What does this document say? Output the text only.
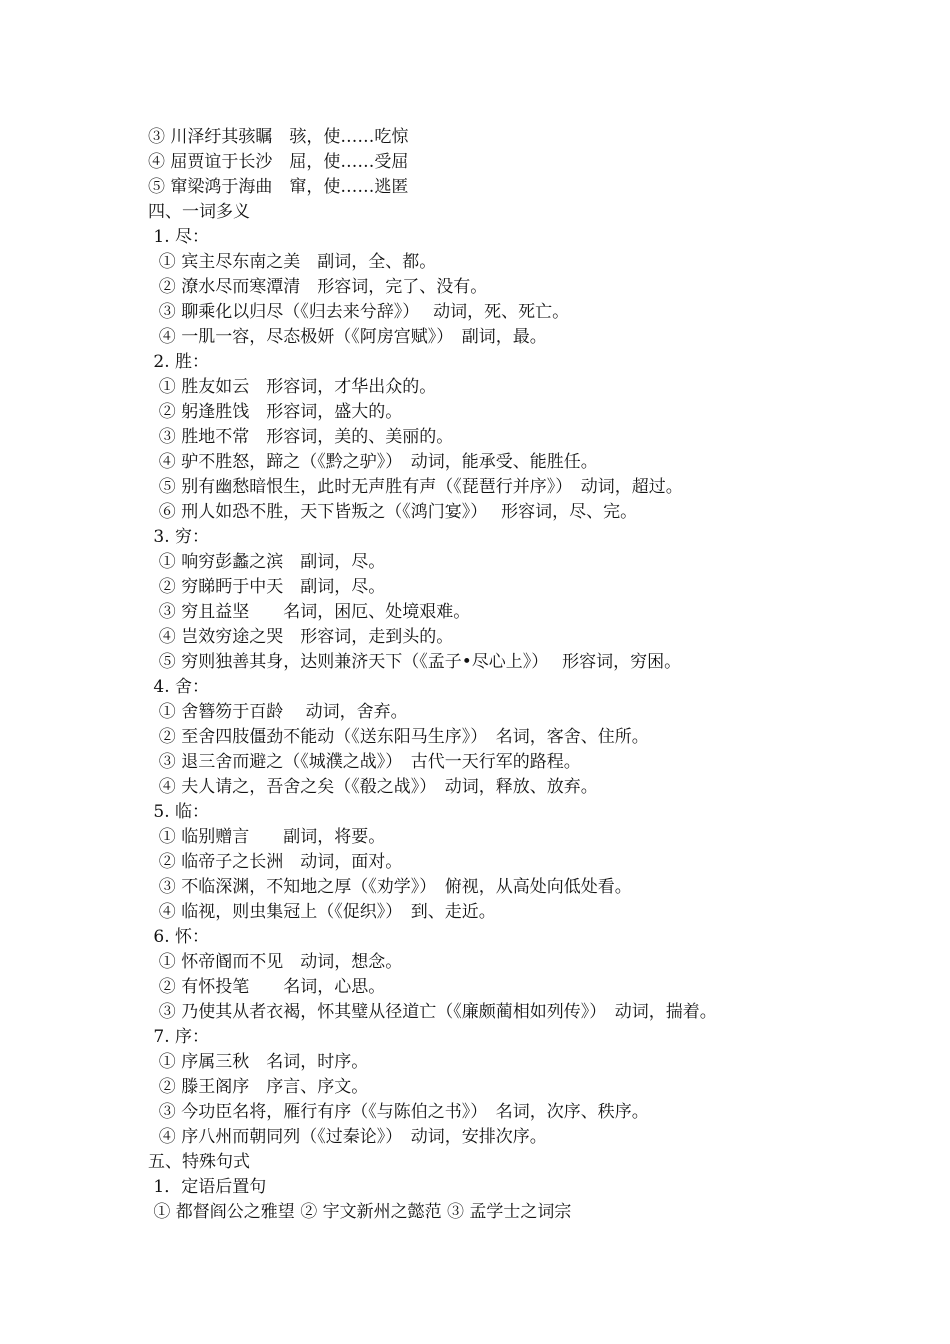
③ 川泽纡其骇瞩　骇，使……吃惊
④ 屈贾谊于长沙　屈，使……受屈
⑤ 窜梁鸿于海曲　窜，使……逃匿
四、一词多义
1. 尽：
① 宾主尽东南之美　副词，全、都。
② 潦水尽而寒潭清　形容词，完了、没有。
③ 聊乘化以归尽（《归去来兮辞》）　 动词，死、死亡。
④ 一肌一容，尽态极妍（《阿房宫赋》）　副词，最。
2. 胜：
① 胜友如云　形容词，才华出众的。
② 躬逢胜饯　形容词，盛大的。
③ 胜地不常　形容词，美的、美丽的。
④ 驴不胜怒，蹄之（《黔之驴》）　动词，能承受、能胜任。
⑤ 别有幽愁暗恨生，此时无声胜有声（《琵琶行并序》）　动词，超过。
⑥ 刑人如恐不胜，天下皆叛之（《鸿门宴》）　 形容词，尽、完。
3. 穷：
① 响穷彭蠡之滨　副词，尽。
② 穷睇眄于中天　副词，尽。
③ 穷且益坚　　名词，困厄、处境艰难。
④ 岂效穷途之哭　形容词，走到头的。
⑤ 穷则独善其身，达则兼济天下（《孟子•尽心上》）　 形容词，穷困。
4. 舍：
① 舍簪笏于百龄　 动词，舍弃。
② 至舍四肢僵劲不能动（《送东阳马生序》）　名词，客舍、住所。
③ 退三舍而避之（《城濮之战》）　古代一天行军的路程。
④ 夫人请之，吾舍之矣（《殽之战》）　动词，释放、放弃。
5. 临：
① 临别赠言　　副词，将要。
② 临帝子之长洲　动词，面对。
③ 不临深渊，不知地之厚（《劝学》）　俯视，从高处向低处看。
④ 临视，则虫集冠上（《促织》）　到、走近。
6. 怀：
① 怀帝阍而不见　动词，想念。
② 有怀投笔　　名词，心思。
③ 乃使其从者衣褐，怀其璧从径道亡（《廉颇蔺相如列传》）　动词，揣着。
7. 序：
① 序属三秋　名词，时序。
② 滕王阁序　序言、序文。
③ 今功臣名将，雁行有序（《与陈伯之书》）　名词，次序、秩序。
④ 序八州而朝同列（《过秦论》）　动词，安排次序。
五、特殊句式
1．定语后置句
① 都督阎公之雅望 ② 宇文新州之懿范 ③ 孟学士之词宗
